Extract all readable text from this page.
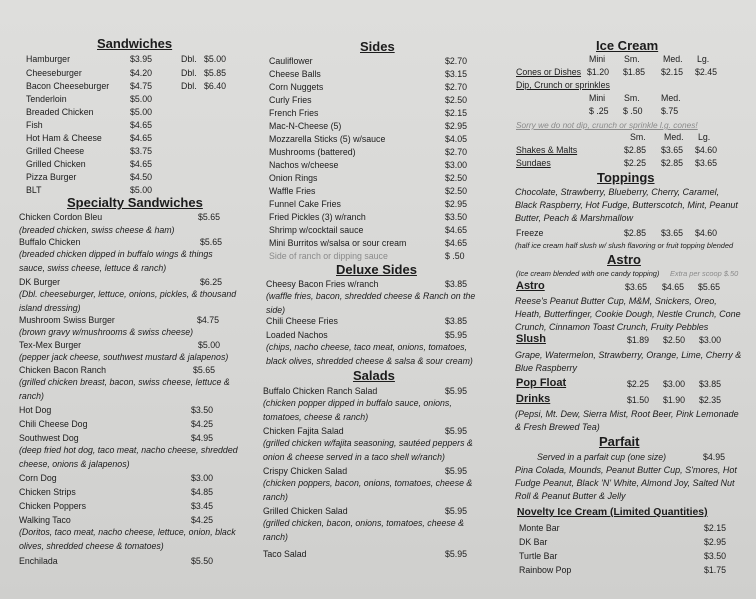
Sandwiches
Hamburger	$3.95	Dbl. $5.00
Cheeseburger	$4.20	Dbl. $5.85
Bacon Cheeseburger $4.75	Dbl. $6.40
Tenderloin	$5.00
Breaded Chicken	$5.00
Fish	$4.65
Hot Ham & Cheese	$4.65
Grilled Cheese	$3.75
Grilled Chicken	$4.65
Pizza Burger	$4.50
BLT	$5.00
Specialty Sandwiches
Chicken Cordon Bleu	$5.65
(breaded chicken, swiss cheese & ham)
Buffalo Chicken	$5.65
(breaded chicken dipped in buffalo wings & things sauce, swiss cheese, lettuce & ranch)
DK Burger	$6.25
(Dbl. cheeseburger, lettuce, onions, pickles, & thousand island dressing)
Mushroom Swiss Burger	$4.75
(brown gravy w/mushrooms & swiss cheese)
Tex-Mex Burger	$5.00
(pepper jack cheese, southwest mustard & jalapenos)
Chicken Bacon Ranch	$5.65
(grilled chicken breast, bacon, swiss cheese, lettuce & ranch)
Hot Dog	$3.50
Chili Cheese Dog	$4.25
Southwest Dog	$4.95
(deep fried hot dog, taco meat, nacho cheese, shredded cheese, onions & jalapenos)
Corn Dog	$3.00
Chicken Strips	$4.85
Chicken Poppers	$3.45
Walking Taco	$4.25
(Doritos, taco meat, nacho cheese, lettuce, onion, black olives, shredded cheese & tomatoes)
Enchilada	$5.50
Sides
Cauliflower	$2.70
Cheese Balls	$3.15
Corn Nuggets	$2.70
Curly Fries	$2.50
French Fries	$2.15
Mac-N-Cheese (5)	$2.95
Mozzarella Sticks (5) w/sauce	$4.05
Mushrooms (battered)	$2.70
Nachos w/cheese	$3.00
Onion Rings	$2.50
Waffle Fries	$2.50
Funnel Cake Fries	$2.95
Fried Pickles (3) w/ranch	$3.50
Shrimp w/cocktail sauce	$4.65
Mini Burritos w/salsa or sour cream	$4.65
Side of ranch or dipping sauce	$ .50
Deluxe Sides
Cheesy Bacon Fries w/ranch	$3.85
(waffle fries, bacon, shredded cheese & Ranch on the side)
Chili Cheese Fries	$3.85
Loaded Nachos	$5.95
(chips, nacho cheese, taco meat, onions, tomatoes, black olives, shredded cheese & salsa & sour cream)
Salads
Buffalo Chicken Ranch Salad	$5.95
(chicken popper dipped in buffalo sauce, onions, tomatoes, cheese & ranch)
Chicken Fajita Salad	$5.95
(grilled chicken w/fajita seasoning, sautéed peppers & onion & cheese served in a taco shell w/ranch)
Crispy Chicken Salad	$5.95
(chicken poppers, bacon, onions, tomatoes, cheese & ranch)
Grilled Chicken Salad	$5.95
(grilled chicken, bacon, onions, tomatoes, cheese & ranch)
Taco Salad	$5.95
Ice Cream
Mini Sm.	Med. Lg.
Cones or Dishes $1.20 $1.85 $2.15 $2.45
Dip, Crunch or sprinkles
Mini Sm. Med.
$ .25 $ .50 $.75
Sorry we do not dip, crunch or sprinkle l.g. cones!
Sm. Med. Lg.
Shakes & Malts	$2.85 $3.65 $4.60
Sundaes	$2.25 $2.85 $3.65
Toppings
Chocolate, Strawberry, Blueberry, Cherry, Caramel, Black Raspberry, Hot Fudge, Butterscotch, Mint, Peanut Butter, Peach & Marshmallow
Freeze	$2.85 $3.65 $4.60
(half ice cream half slush w/ slush flavoring or fruit topping blended
Astro
(Ice cream blended with one candy topping) Extra per scoop $.50
Astro	$3.65 $4.65 $5.65
Reese's Peanut Butter Cup, M&M, Snickers, Oreo, Heath, Butterfinger, Cookie Dough, Nestle Crunch, Cone Crunch, Cinnamon Toast Crunch, Fruity Pebbles
Slush	$1.89 $2.50 $3.00
Grape, Watermelon, Strawberry, Orange, Lime, Cherry & Blue Raspberry
Pop Float	$2.25 $3.00 $3.85
Drinks	$1.50 $1.90 $2.35
(Pepsi, Mt. Dew, Sierra Mist, Root Beer, Pink Lemonade & Fresh Brewed Tea)
Parfait
Served in a parfait cup (one size)	$4.95
Pina Colada, Mounds, Peanut Butter Cup, S'mores, Hot Fudge Peanut, Black 'N' White, Almond Joy, Salted Nut Roll & Peanut Butter & Jelly
Novelty Ice Cream (Limited Quantities)
Monte Bar	$2.15
DK Bar	$2.95
Turtle Bar	$3.50
Rainbow Pop	$1.75
